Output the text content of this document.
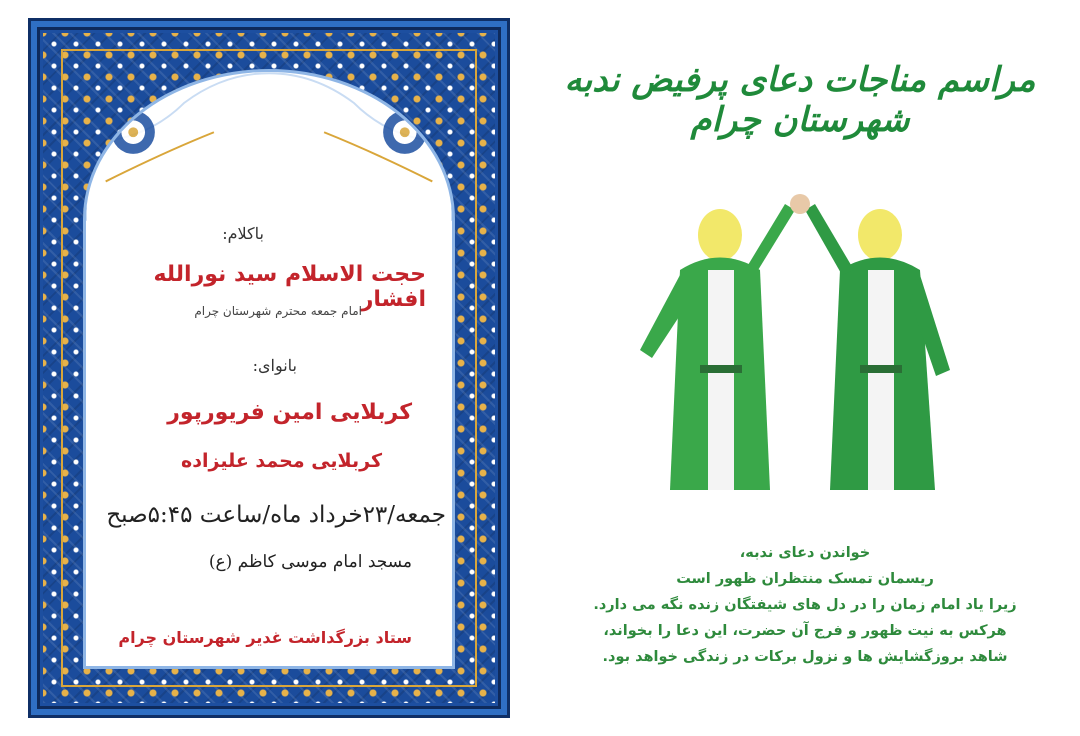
باکلام:
حجت الاسلام سید نورالله افشار
امام جمعه محترم شهرستان چرام
بانوای:
کربلایی امین فریورپور
کربلایی محمد علیزاده
جمعه/۲۳خرداد ماه/ساعت ۵:۴۵صبح
مسجد امام موسی کاظم (ع)
ستاد بزرگداشت غدیر شهرستان چرام
مراسم مناجات دعای پرفیض ندبه شهرستان چرام
خواندن دعای ندبه،
ریسمان تمسک منتظران ظهور است
زیرا یاد امام زمان را در دل های شیفتگان زنده نگه می دارد.
هرکس به نیت ظهور و فرج آن حضرت، این دعا را بخواند،
شاهد بروزگشایش ها و نزول برکات در زندگی خواهد بود.
